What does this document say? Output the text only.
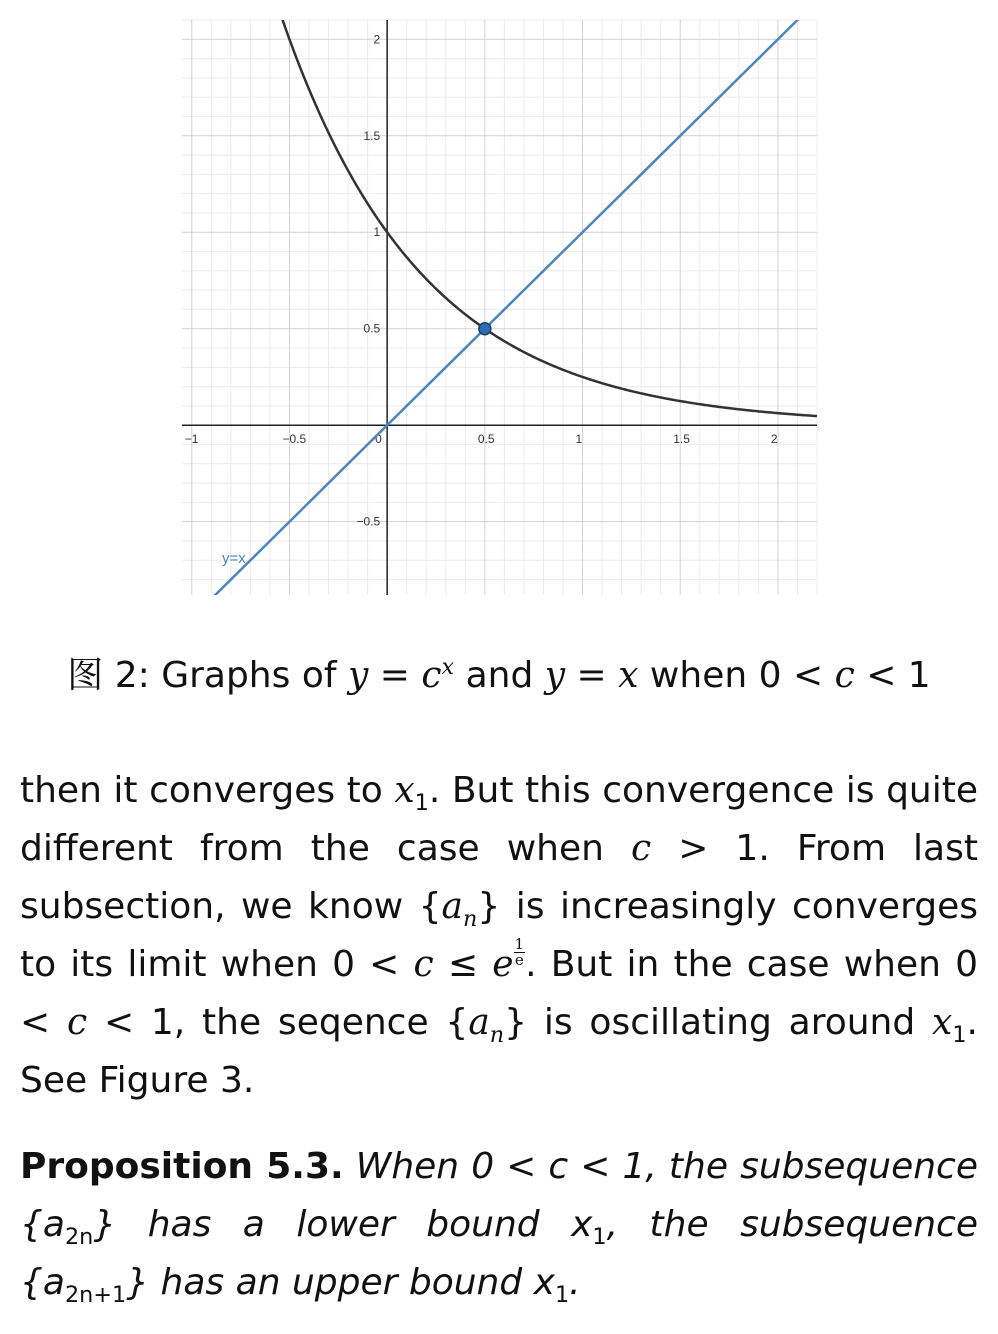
−1	−0.5	0	0.5	1	1.5	2
−0.5
0.5
1
1.5
2
y=x
图 2: Graphs of $y = c^x$ and y = x when 0 < c < 1

then it converges to $x_1$. But this convergence is quite different from the case when c > 1. From last subsection, we know $\{a_n\}$ is increasingly converges to its limit when 0 < c ≤ e $\frac{1}{e}$ . But in the case when 0 < c < 1, the seqence $\{a_n\}$ is oscillating around $x_1$. See Figure 3.

Proposition 5.3. When 0 < c < 1, the subsequence $\{a_{2n}\}$ has a lower bound $x_1$, the subsequence $\{a_{2n+1}\}$ has an upper bound $x_1$.
